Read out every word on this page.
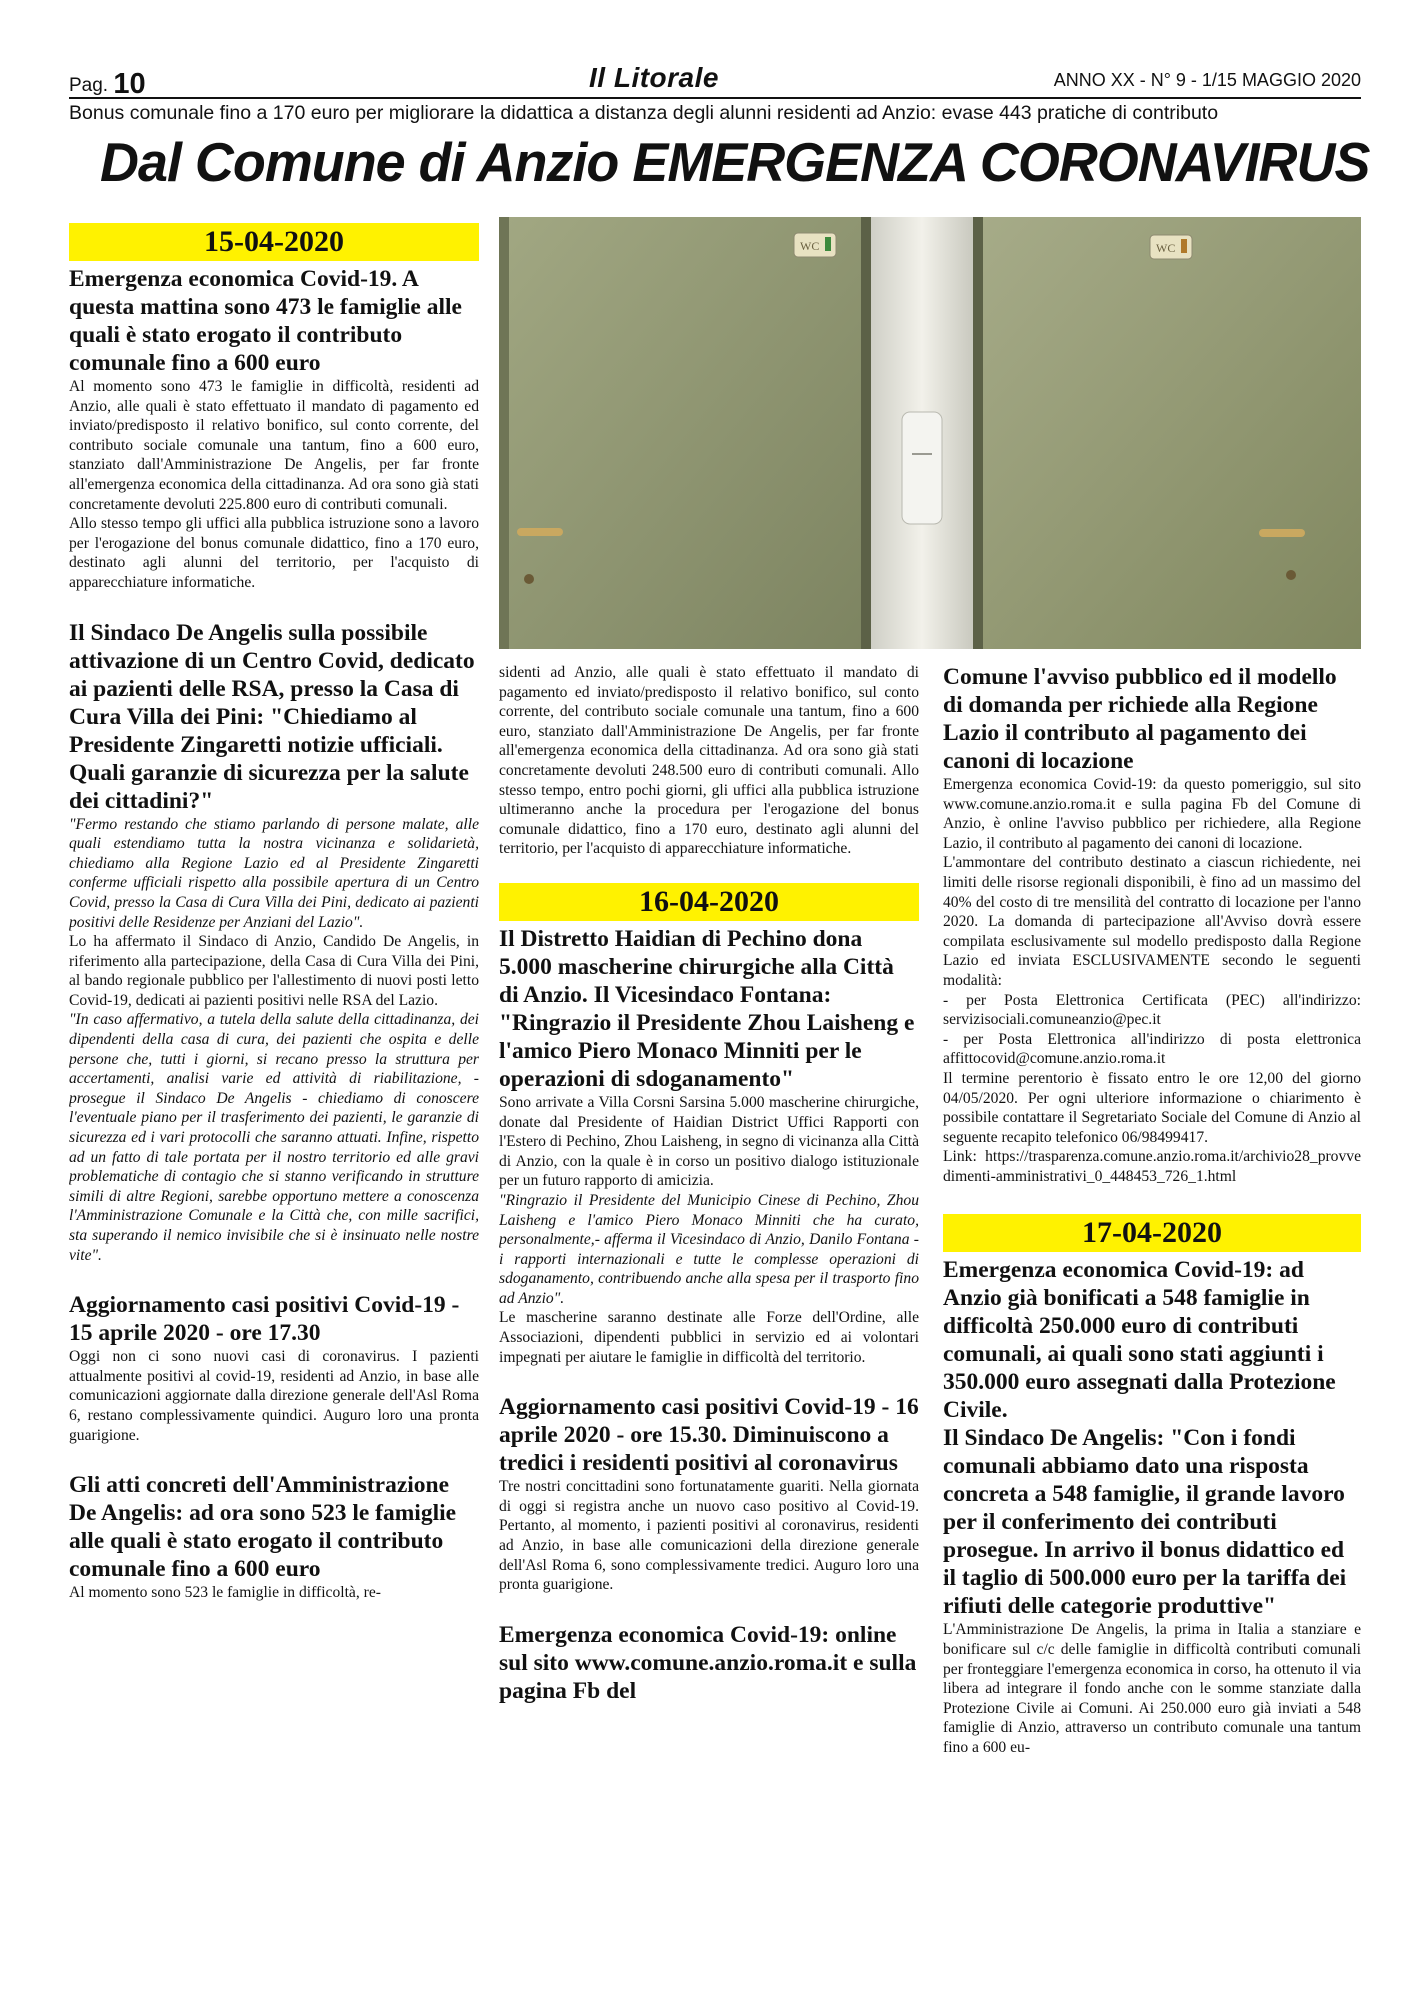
Pag. 10	Il Litorale	ANNO XX - N° 9 - 1/15 MAGGIO 2020
Bonus comunale fino a 170 euro per migliorare la didattica a distanza degli alunni residenti ad Anzio: evase 443 pratiche di contributo
Dal Comune di Anzio EMERGENZA CORONAVIRUS
WC	WC
15-04-2020
Emergenza economica Covid-19. A questa mattina sono 473 le famiglie alle quali è stato erogato il contributo comunale fino a 600 euro

Al momento sono 473 le famiglie in difficoltà, residenti ad Anzio, alle quali è stato effettuato il mandato di pagamento ed inviato/predisposto il relativo bonifico, sul conto corrente, del contributo sociale comunale una tantum, fino a 600 euro, stanziato dall'Amministrazione De Angelis, per far fronte all'emergenza economica della cittadinanza. Ad ora sono già stati concretamente devoluti 225.800 euro di contributi comunali.

Allo stesso tempo gli uffici alla pubblica istruzione sono a lavoro per l'erogazione del bonus comunale didattico, fino a 170 euro, destinato agli alunni del territorio, per l'acquisto di apparecchiature informatiche.

Il Sindaco De Angelis sulla possibile attivazione di un Centro Covid, dedicato ai pazienti delle RSA, presso la Casa di Cura Villa dei Pini: "Chiediamo al Presidente Zingaretti notizie ufficiali. Quali garanzie di sicurezza per la salute dei cittadini?"

"Fermo restando che stiamo parlando di persone malate, alle quali estendiamo tutta la nostra vicinanza e solidarietà, chiediamo alla Regione Lazio ed al Presidente Zingaretti conferme ufficiali rispetto alla possibile apertura di un Centro Covid, presso la Casa di Cura Villa dei Pini, dedicato ai pazienti positivi delle Residenze per Anziani del Lazio".

Lo ha affermato il Sindaco di Anzio, Candido De Angelis, in riferimento alla partecipazione, della Casa di Cura Villa dei Pini, al bando regionale pubblico per l'allestimento di nuovi posti letto Covid-19, dedicati ai pazienti positivi nelle RSA del Lazio.

"In caso affermativo, a tutela della salute della cittadinanza, dei dipendenti della casa di cura, dei pazienti che ospita e delle persone che, tutti i giorni, si recano presso la struttura per accertamenti, analisi varie ed attività di riabilitazione, - prosegue il Sindaco De Angelis - chiediamo di conoscere l'eventuale piano per il trasferimento dei pazienti, le garanzie di sicurezza ed i vari protocolli che saranno attuati. Infine, rispetto ad un fatto di tale portata per il nostro territorio ed alle gravi problematiche di contagio che si stanno verificando in strutture simili di altre Regioni, sarebbe opportuno mettere a conoscenza l'Amministrazione Comunale e la Città che, con mille sacrifici, sta superando il nemico invisibile che si è insinuato nelle nostre vite".

Aggiornamento casi positivi Covid-19 - 15 aprile 2020 - ore 17.30

Oggi non ci sono nuovi casi di coronavirus. I pazienti attualmente positivi al covid-19, residenti ad Anzio, in base alle comunicazioni aggiornate dalla direzione generale dell'Asl Roma 6, restano complessivamente quindici. Auguro loro una pronta guarigione.

Gli atti concreti dell'Amministrazione De Angelis: ad ora sono 523 le famiglie alle quali è stato erogato il contributo comunale fino a 600 euro

Al momento sono 523 le famiglie in difficoltà, re-

sidenti ad Anzio, alle quali è stato effettuato il mandato di pagamento ed inviato/predisposto il relativo bonifico, sul conto corrente, del contributo sociale comunale una tantum, fino a 600 euro, stanziato dall'Amministrazione De Angelis, per far fronte all'emergenza economica della cittadinanza. Ad ora sono già stati concretamente devoluti 248.500 euro di contributi comunali. Allo stesso tempo, entro pochi giorni, gli uffici alla pubblica istruzione ultimeranno anche la procedura per l'erogazione del bonus comunale didattico, fino a 170 euro, destinato agli alunni del territorio, per l'acquisto di apparecchiature informatiche.

16-04-2020
Il Distretto Haidian di Pechino dona 5.000 mascherine chirurgiche alla Città di Anzio. Il Vicesindaco Fontana: "Ringrazio il Presidente Zhou Laisheng e l'amico Piero Monaco Minniti per le operazioni di sdoganamento"

Sono arrivate a Villa Corsni Sarsina 5.000 mascherine chirurgiche, donate dal Presidente of Haidian District Uffici Rapporti con l'Estero di Pechino, Zhou Laisheng, in segno di vicinanza alla Città di Anzio, con la quale è in corso un positivo dialogo istituzionale per un futuro rapporto di amicizia.

"Ringrazio il Presidente del Municipio Cinese di Pechino, Zhou Laisheng e l'amico Piero Monaco Minniti che ha curato, personalmente,- afferma il Vicesindaco di Anzio, Danilo Fontana - i rapporti internazionali e tutte le complesse operazioni di sdoganamento, contribuendo anche alla spesa per il trasporto fino ad Anzio".

Le mascherine saranno destinate alle Forze dell'Ordine, alle Associazioni, dipendenti pubblici in servizio ed ai volontari impegnati per aiutare le famiglie in difficoltà del territorio.

Aggiornamento casi positivi Covid-19 - 16 aprile 2020 - ore 15.30. Diminuiscono a tredici i residenti positivi al coronavirus

Tre nostri concittadini sono fortunatamente guariti. Nella giornata di oggi si registra anche un nuovo caso positivo al Covid-19. Pertanto, al momento, i pazienti positivi al coronavirus, residenti ad Anzio, in base alle comunicazioni della direzione generale dell'Asl Roma 6, sono complessivamente tredici. Auguro loro una pronta guarigione.

Emergenza economica Covid-19: online sul sito www.comune.anzio.roma.it e sulla pagina Fb del
Comune l'avviso pubblico ed il modello di domanda per richiede alla Regione Lazio il contributo al pagamento dei canoni di locazione

Emergenza economica Covid-19: da questo pomeriggio, sul sito www.comune.anzio.roma.it e sulla pagina Fb del Comune di Anzio, è online l'avviso pubblico per richiedere, alla Regione Lazio, il contributo al pagamento dei canoni di locazione.

L'ammontare del contributo destinato a ciascun richiedente, nei limiti delle risorse regionali disponibili, è fino ad un massimo del 40% del costo di tre mensilità del contratto di locazione per l'anno 2020. La domanda di partecipazione all'Avviso dovrà essere compilata esclusivamente sul modello predisposto dalla Regione Lazio ed inviata ESCLUSIVAMENTE secondo le seguenti modalità:

- per Posta Elettronica Certificata (PEC) all'indirizzo: servizisociali.comuneanzio@pec.it

- per Posta Elettronica all'indirizzo di posta elettronica affittocovid@comune.anzio.roma.it

Il termine perentorio è fissato entro le ore 12,00 del giorno 04/05/2020. Per ogni ulteriore informazione o chiarimento è possibile contattare il Segretariato Sociale del Comune di Anzio al seguente recapito telefonico 06/98499417.

Link: https://trasparenza.comune.anzio.roma.it/archivio28_provvedimenti-amministrativi_0_448453_726_1.html

17-04-2020
Emergenza economica Covid-19: ad Anzio già bonificati a 548 famiglie in difficoltà 250.000 euro di contributi comunali, ai quali sono stati aggiunti i 350.000 euro assegnati dalla Protezione Civile.
Il Sindaco De Angelis: "Con i fondi comunali abbiamo dato una risposta concreta a 548 famiglie, il grande lavoro per il conferimento dei contributi prosegue. In arrivo il bonus didattico ed il taglio di 500.000 euro per la tariffa dei rifiuti delle categorie produttive"

L'Amministrazione De Angelis, la prima in Italia a stanziare e bonificare sul c/c delle famiglie in difficoltà contributi comunali per fronteggiare l'emergenza economica in corso, ha ottenuto il via libera ad integrare il fondo anche con le somme stanziate dalla Protezione Civile ai Comuni. Ai 250.000 euro già inviati a 548 famiglie di Anzio, attraverso un contributo comunale una tantum fino a 600 eu-
